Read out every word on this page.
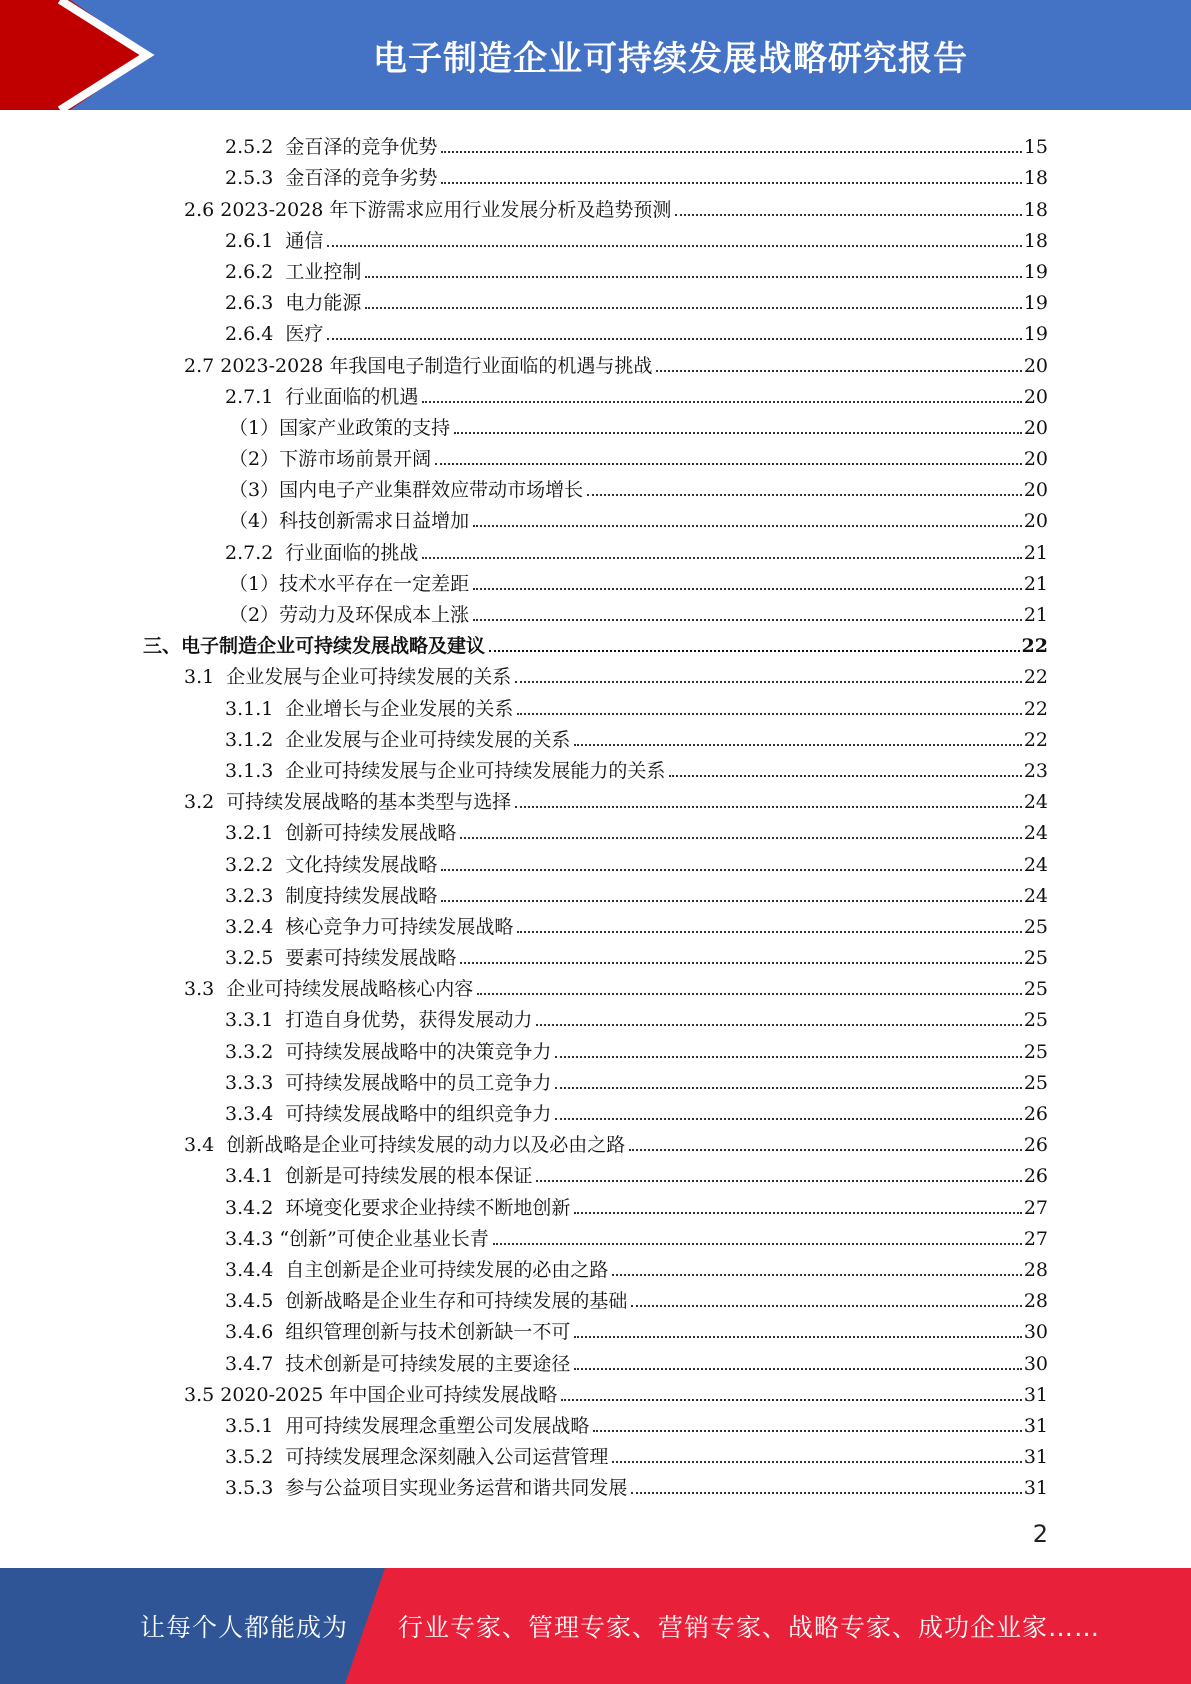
电子制造企业可持续发展战略研究报告
2.5.2  金百泽的竞争优势	15
2.5.3  金百泽的竞争劣势	18
2.6 2023-2028 年下游需求应用行业发展分析及趋势预测	18
2.6.1  通信	18
2.6.2  工业控制	19
2.6.3  电力能源	19
2.6.4  医疗	19
2.7 2023-2028 年我国电子制造行业面临的机遇与挑战	20
2.7.1  行业面临的机遇	20
（1）国家产业政策的支持	20
（2）下游市场前景开阔	20
（3）国内电子产业集群效应带动市场增长	20
（4）科技创新需求日益增加	20
2.7.2  行业面临的挑战	21
（1）技术水平存在一定差距	21
（2）劳动力及环保成本上涨	21
三、电子制造企业可持续发展战略及建议	22
3.1  企业发展与企业可持续发展的关系	22
3.1.1  企业增长与企业发展的关系	22
3.1.2  企业发展与企业可持续发展的关系	22
3.1.3  企业可持续发展与企业可持续发展能力的关系	23
3.2  可持续发展战略的基本类型与选择	24
3.2.1  创新可持续发展战略	24
3.2.2  文化持续发展战略	24
3.2.3  制度持续发展战略	24
3.2.4  核心竞争力可持续发展战略	25
3.2.5  要素可持续发展战略	25
3.3  企业可持续发展战略核心内容	25
3.3.1  打造自身优势，获得发展动力	25
3.3.2  可持续发展战略中的决策竞争力	25
3.3.3  可持续发展战略中的员工竞争力	25
3.3.4  可持续发展战略中的组织竞争力	26
3.4  创新战略是企业可持续发展的动力以及必由之路	26
3.4.1  创新是可持续发展的根本保证	26
3.4.2  环境变化要求企业持续不断地创新	27
3.4.3 “创新”可使企业基业长青	27
3.4.4  自主创新是企业可持续发展的必由之路	28
3.4.5  创新战略是企业生存和可持续发展的基础	28
3.4.6  组织管理创新与技术创新缺一不可	30
3.4.7  技术创新是可持续发展的主要途径	30
3.5 2020-2025 年中国企业可持续发展战略	31
3.5.1  用可持续发展理念重塑公司发展战略	31
3.5.2  可持续发展理念深刻融入公司运营管理	31
3.5.3  参与公益项目实现业务运营和谐共同发展	31
2
让每个人都能成为 行业专家、管理专家、营销专家、战略专家、成功企业家……
